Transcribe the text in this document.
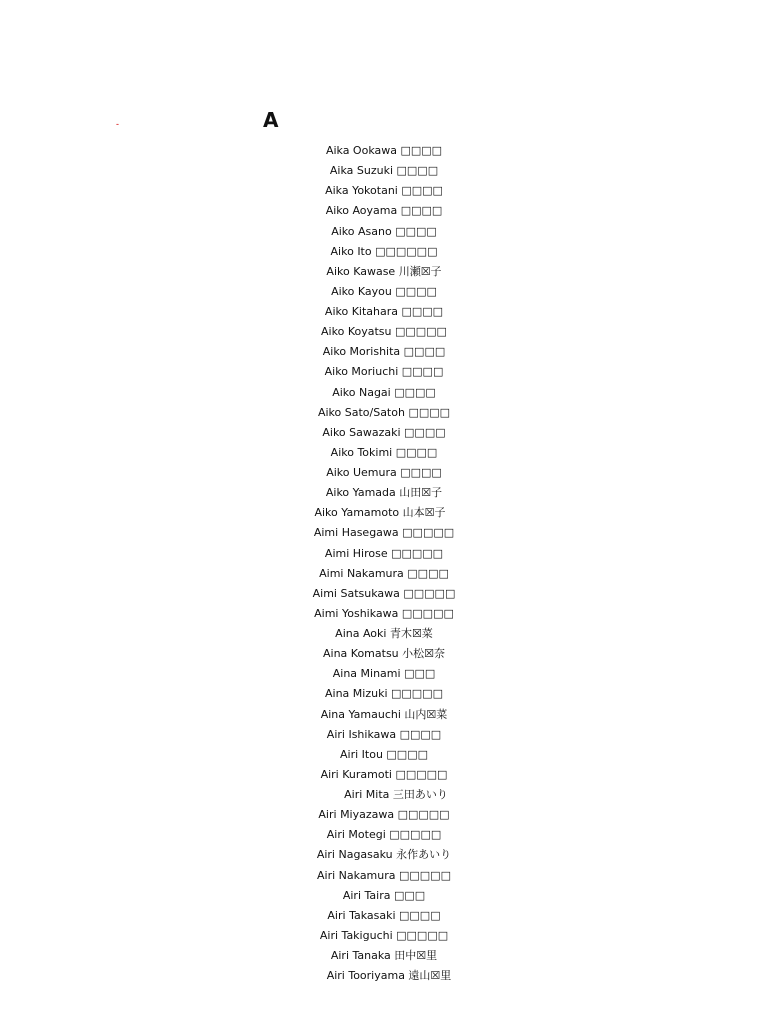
-	A
Aika Ookawa □□□□
Aika Suzuki □□□□
Aika Yokotani □□□□
Aiko Aoyama □□□□
Aiko Asano □□□□
Aiko Ito □□□□□□
Aiko Kawase 川瀬☒子
Aiko Kayou □□□□
Aiko Kitahara □□□□
Aiko Koyatsu □□□□□
Aiko Morishita □□□□
Aiko Moriuchi □□□□
Aiko Nagai □□□□
Aiko Sato/Satoh □□□□
Aiko Sawazaki □□□□
Aiko Tokimi □□□□
Aiko Uemura □□□□
Aiko Yamada 山田☒子
Aiko Yamamoto 山本☒子
Aimi Hasegawa □□□□□
Aimi Hirose □□□□□
Aimi Nakamura □□□□
Aimi Satsukawa □□□□□
Aimi Yoshikawa □□□□□
Aina Aoki 青木☒菜
Aina Komatsu 小松☒奈
Aina Minami □□□
Aina Mizuki □□□□□
Aina Yamauchi 山内☒菜
Airi Ishikawa □□□□
Airi Itou □□□□
Airi Kuramoti □□□□□
Airi Mita 三田あいり
Airi Miyazawa □□□□□
Airi Motegi □□□□□
Airi Nagasaku 永作あいり
Airi Nakamura □□□□□
Airi Taira □□□
Airi Takasaki □□□□
Airi Takiguchi □□□□□
Airi Tanaka 田中☒里
Airi Tooriyama 遠山☒里
